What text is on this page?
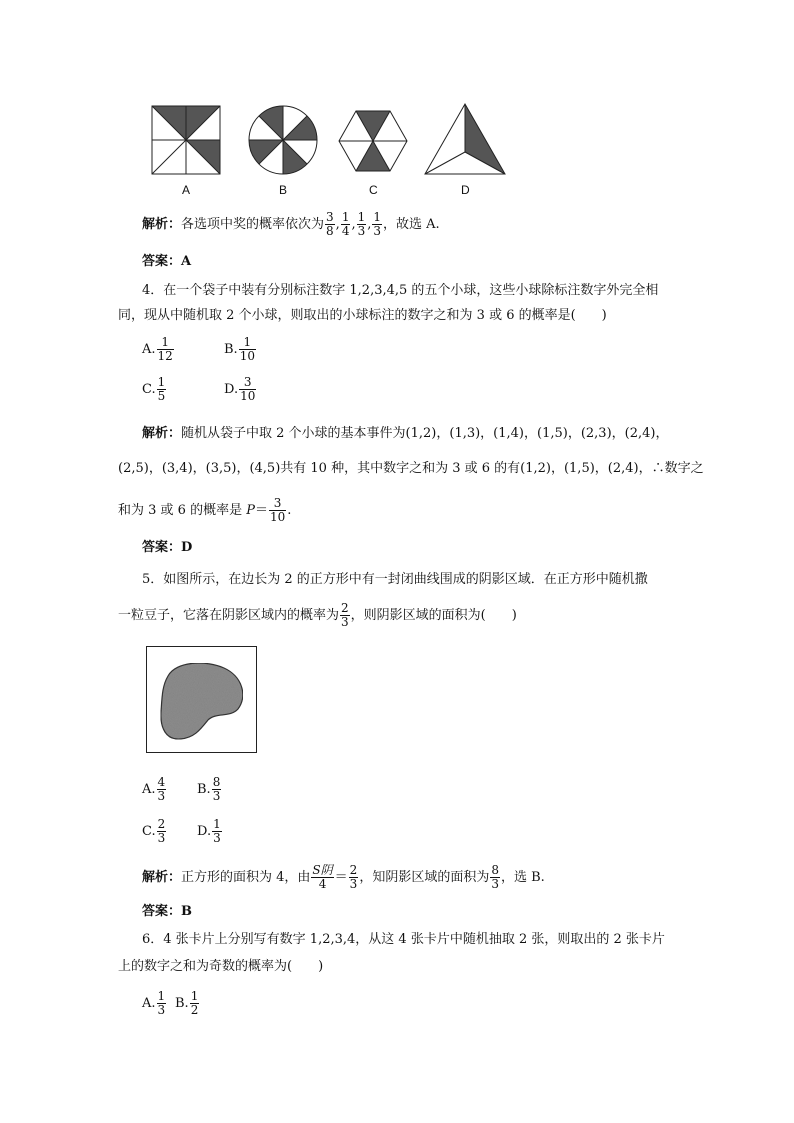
A	B	C	D
解析：各选项中奖的概率依次为 $\frac{3}{8}$ , $\frac{1}{4}$ , $\frac{1}{3}$ , $\frac{1}{3}$ ，故选 A.
答案：A
4．在一个袋子中装有分别标注数字 1,2,3,4,5 的五个小球，这些小球除标注数字外完全相
同，现从中随机取 2 个小球，则取出的小球标注的数字之和为 3 或 6 的概率是(　　)
A. $\frac{1}{12}$	B. $\frac{1}{10}$
C. $\frac{1}{5}$	D. $\frac{3}{10}$
解析：随机从袋子中取 2 个小球的基本事件为(1,2)，(1,3)，(1,4)，(1,5)，(2,3)，(2,4)，
(2,5)，(3,4)，(3,5)，(4,5)共有 10 种，其中数字之和为 3 或 6 的有(1,2)，(1,5)，(2,4)，∴数字之
和为 3 或 6 的概率是 $P= \frac{3}{10}$ .
答案：D
5．如图所示，在边长为 2 的正方形中有一封闭曲线围成的阴影区域．在正方形中随机撒
一粒豆子，它落在阴影区域内的概率为 $\frac{2}{3}$ ，则阴影区域的面积为(　　)
A. $\frac{4}{3} B$. $\frac{8}{3}$
C. $\frac{2}{3} D$. $\frac{1}{3}$
解析：正方形的面积为 4，由 $\frac{\text{S阴}}{4} = \frac{2}{3}$ ，知阴影区域的面积为 $\frac{8}{3}$ ，选 B.
答案：B
6．4 张卡片上分别写有数字 1,2,3,4，从这 4 张卡片中随机抽取 2 张，则取出的 2 张卡片
上的数字之和为奇数的概率为(　　)
A. $\frac{1}{3} B$. $\frac{1}{2}$
